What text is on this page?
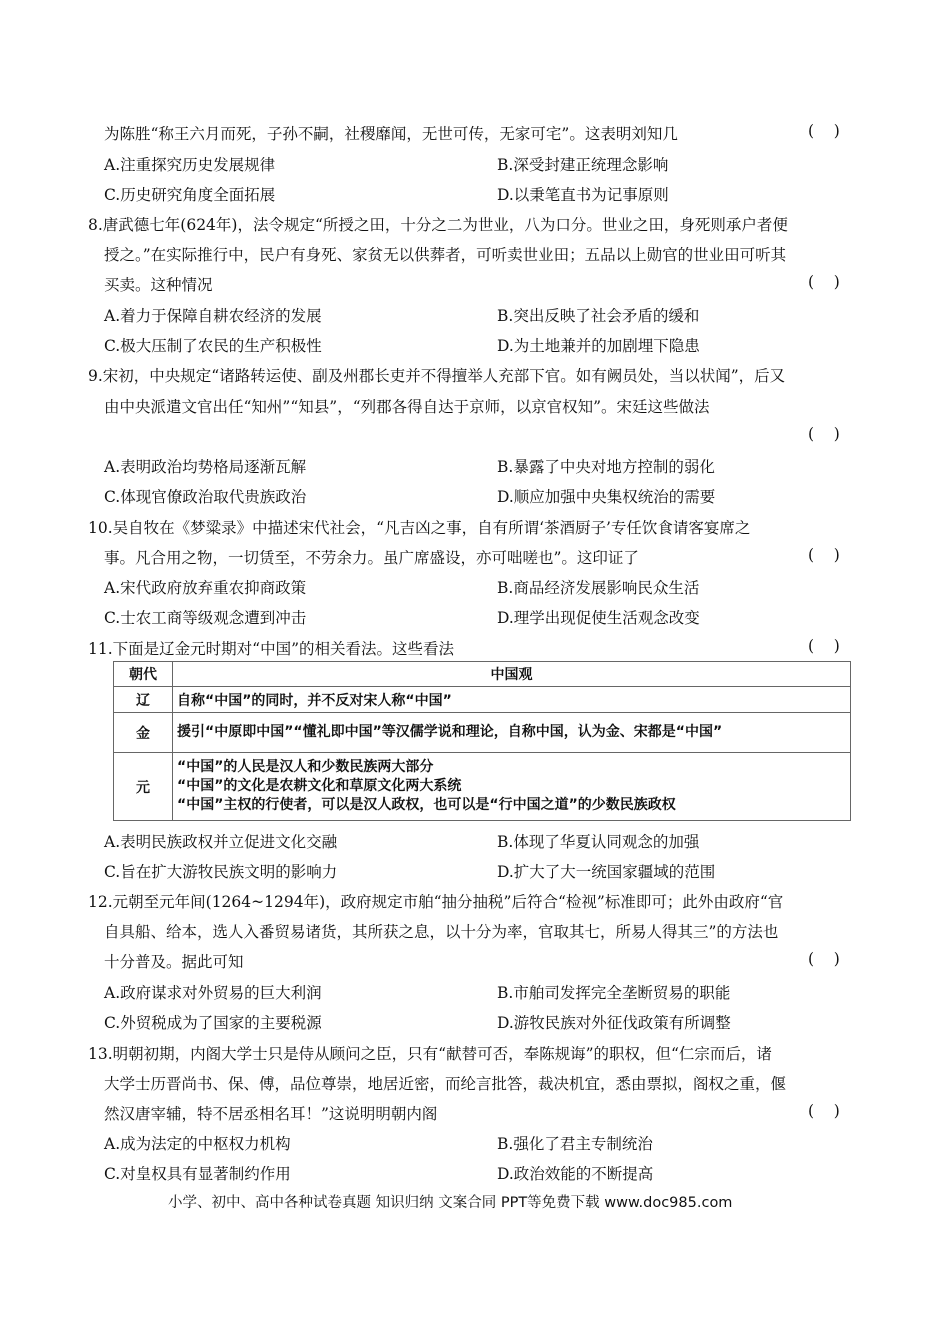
为陈胜“称王六月而死，子孙不嗣，社稷靡闻，无世可传，无家可宅”。这表明刘知几	(    )
A.注重探究历史发展规律	B.深受封建正统理念影响
C.历史研究角度全面拓展	D.以秉笔直书为记事原则
8.唐武德七年(624年)，法令规定“所授之田，十分之二为世业，八为口分。世业之田，身死则承户者便
授之。”在实际推行中，民户有身死、家贫无以供葬者，可听卖世业田；五品以上勋官的世业田可听其
买卖。这种情况	(    )
A.着力于保障自耕农经济的发展	B.突出反映了社会矛盾的缓和
C.极大压制了农民的生产积极性	D.为土地兼并的加剧埋下隐患
9.宋初，中央规定“诸路转运使、副及州郡长吏并不得擅举人充部下官。如有阙员处，当以状闻”，后又
由中央派遣文官出任“知州”“知县”，“列郡各得自达于京师，以京官权知”。宋廷这些做法
(    )
A.表明政治均势格局逐渐瓦解	B.暴露了中央对地方控制的弱化
C.体现官僚政治取代贵族政治	D.顺应加强中央集权统治的需要
10.吴自牧在《梦粱录》中描述宋代社会，“凡吉凶之事，自有所谓‘茶酒厨子’专任饮食请客宴席之
事。凡合用之物，一切赁至，不劳余力。虽广席盛设，亦可咄嗟也”。这印证了	(    )
A.宋代政府放弃重农抑商政策	B.商品经济发展影响民众生活
C.士农工商等级观念遭到冲击	D.理学出现促使生活观念改变
11.下面是辽金元时期对“中国”的相关看法。这些看法	(    )
朝代	中国观
辽	自称“中国”的同时，并不反对宋人称“中国”
金	援引“中原即中国”“懂礼即中国”等汉儒学说和理论，自称中国，认为金、宋都是“中国”
元	“中国”的人民是汉人和少数民族两大部分
“中国”的文化是农耕文化和草原文化两大系统
“中国”主权的行使者，可以是汉人政权，也可以是“行中国之道”的少数民族政权
A.表明民族政权并立促进文化交融	B.体现了华夏认同观念的加强
C.旨在扩大游牧民族文明的影响力	D.扩大了大一统国家疆域的范围
12.元朝至元年间(1264~1294年)，政府规定市舶“抽分抽税”后符合“检视”标准即可；此外由政府“官
自具船、给本，选人入番贸易诸货，其所获之息，以十分为率，官取其七，所易人得其三”的方法也
十分普及。据此可知	(    )
A.政府谋求对外贸易的巨大利润	B.市舶司发挥完全垄断贸易的职能
C.外贸税成为了国家的主要税源	D.游牧民族对外征伐政策有所调整
13.明朝初期，内阁大学士只是侍从顾问之臣，只有“献替可否，奉陈规诲”的职权，但“仁宗而后，诸
大学士历晋尚书、保、傅，品位尊崇，地居近密，而纶言批答，裁决机宜，悉由票拟，阁权之重，偃
然汉唐宰辅，特不居丞相名耳！”这说明明朝内阁	(    )
A.成为法定的中枢权力机构	B.强化了君主专制统治
C.对皇权具有显著制约作用	D.政治效能的不断提高
小学、初中、高中各种试卷真题 知识归纳 文案合同 PPT等免费下载 www.doc985.com
